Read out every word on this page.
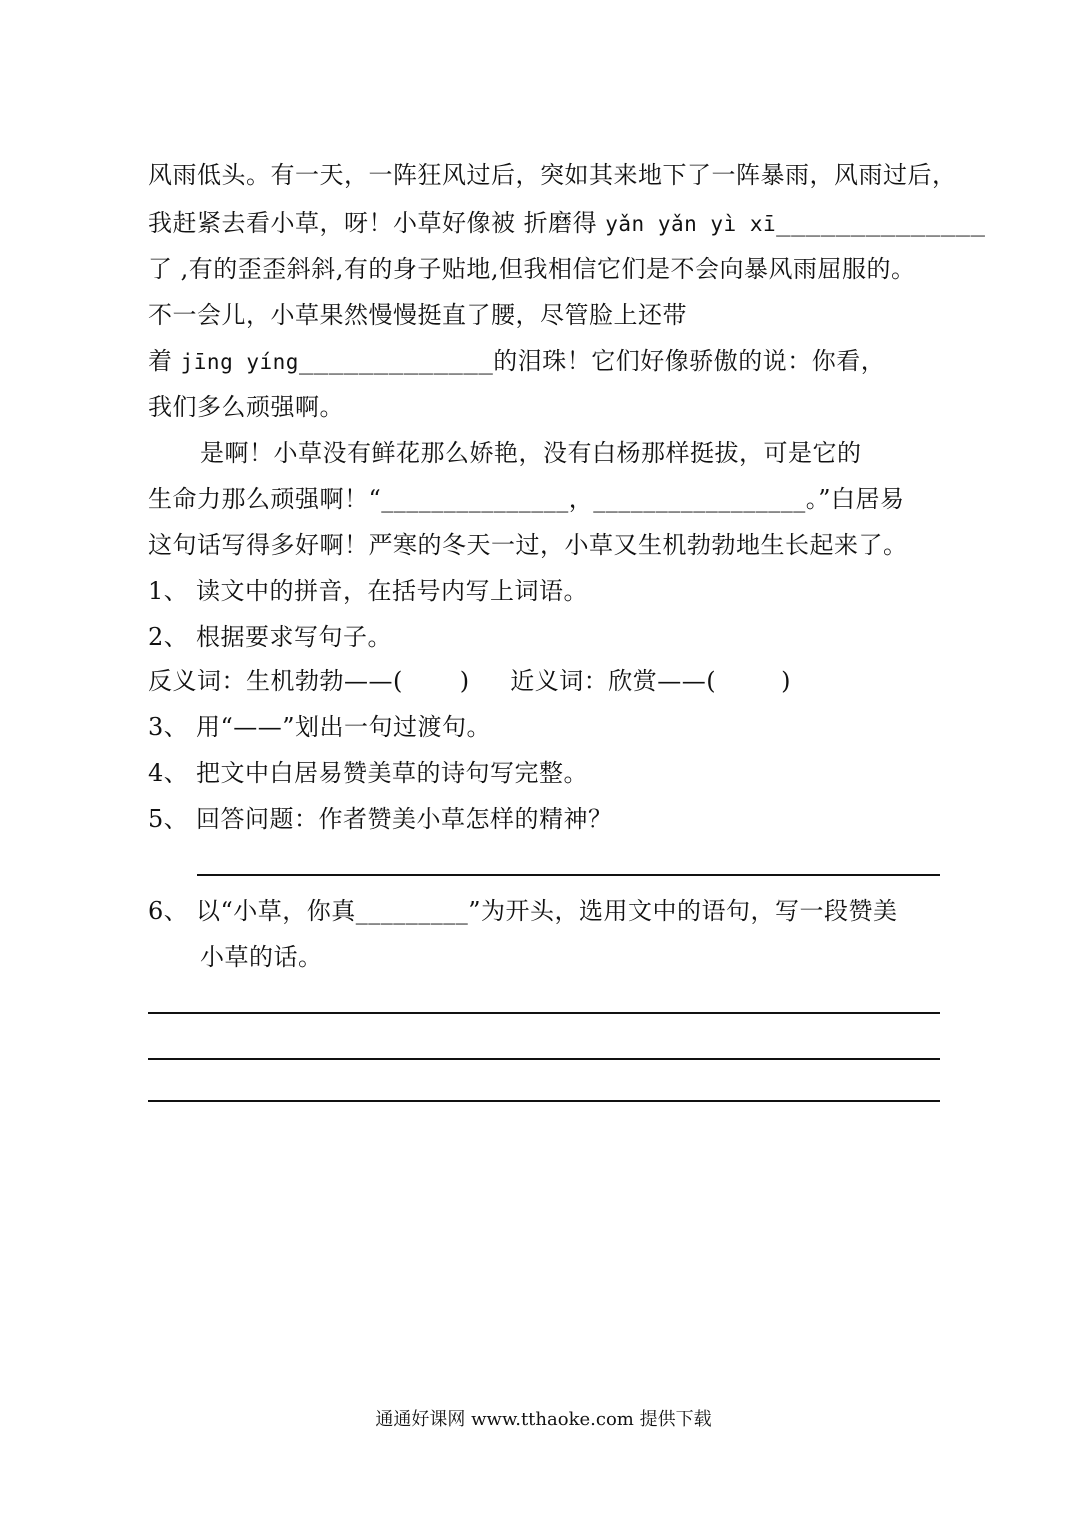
风雨低头。有一天，一阵狂风过后，突如其来地下了一阵暴雨，风雨过后，
我赶紧去看小草，呀！小草好像被 折磨得 yǎn yǎn yì xī______________
了 ,有的歪歪斜斜,有的身子贴地,但我相信它们是不会向暴风雨屈服的。
不一会儿，小草果然慢慢挺直了腰，尽管脸上还带
着 jīng yíng_____________的泪珠！它们好像骄傲的说：你看，
我们多么顽强啊。
是啊！小草没有鲜花那么娇艳，没有白杨那样挺拔，可是它的
生命力那么顽强啊！“_______________，_________________。”白居易
这句话写得多好啊！严寒的冬天一过，小草又生机勃勃地生长起来了。
1、 读文中的拼音，在括号内写上词语。
2、 根据要求写句子。
反义词：生机勃勃——(       )     近义词：欣赏——(        )
3、 用“——”划出一句过渡句。
4、 把文中白居易赞美草的诗句写完整。
5、 回答问题：作者赞美小草怎样的精神？
6、 以“小草，你真_________”为开头，选用文中的语句，写一段赞美
小草的话。
通通好课网 www.tthaoke.com 提供下载
